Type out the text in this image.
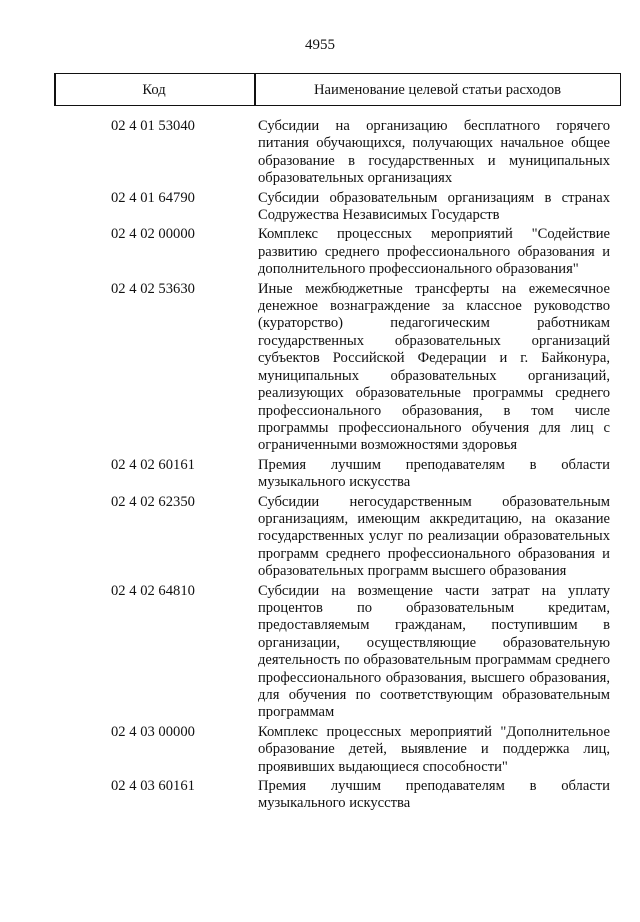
4955
Код	Наименование целевой статьи расходов
02 4 01 53040	Субсидии на организацию бесплатного горячего питания обучающихся, получающих начальное общее образование в государственных и муниципальных образовательных организациях
02 4 01 64790	Субсидии образовательным организациям в странах Содружества Независимых Государств
02 4 02 00000	Комплекс процессных мероприятий "Содействие развитию среднего профессионального образования и дополнительного профессионального образования"
02 4 02 53630	Иные межбюджетные трансферты на ежемесячное денежное вознаграждение за классное руководство (кураторство) педагогическим работникам государственных образовательных организаций субъектов Российской Федерации и г. Байконура, муниципальных образовательных организаций, реализующих образовательные программы среднего профессионального образования, в том числе программы профессионального обучения для лиц с ограниченными возможностями здоровья
02 4 02 60161	Премия лучшим преподавателям в области музыкального искусства
02 4 02 62350	Субсидии негосударственным образовательным организациям, имеющим аккредитацию, на оказание государственных услуг по реализации образовательных программ среднего профессионального образования и образовательных программ высшего образования
02 4 02 64810	Субсидии на возмещение части затрат на уплату процентов по образовательным кредитам, предоставляемым гражданам, поступившим в организации, осуществляющие образовательную деятельность по образовательным программам среднего профессионального образования, высшего образования, для обучения по соответствующим образовательным программам
02 4 03 00000	Комплекс процессных мероприятий "Дополнительное образование детей, выявление и поддержка лиц, проявивших выдающиеся способности"
02 4 03 60161	Премия лучшим преподавателям в области музыкального искусства
